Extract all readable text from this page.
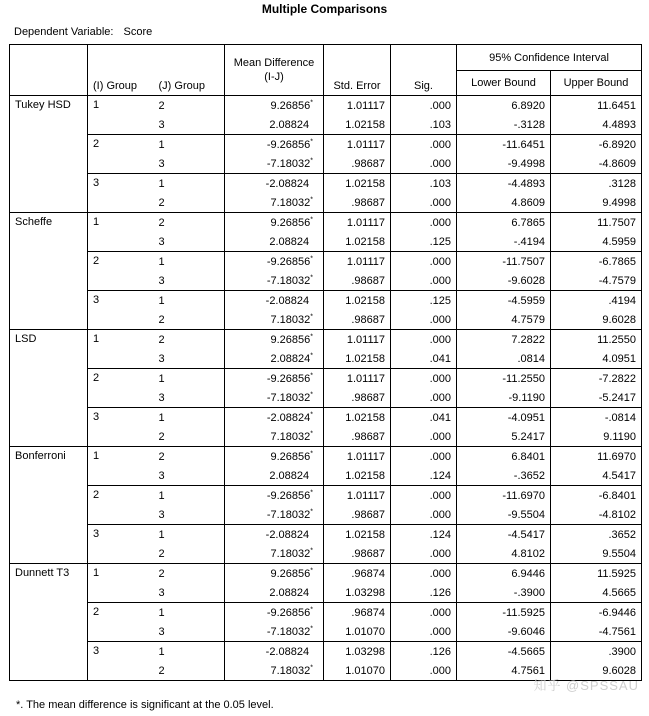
Multiple Comparisons
Dependent Variable: Score
	(I) Group	(J) Group	Mean Difference (I-J)	Std. Error	Sig.	95% Confidence Interval	
						Lower Bound	Upper Bound
Tukey HSD	1	2	9.26856*	1.01117	.000	6.8920	11.6451
		3	2.08824 	1.02158	.103	-.3128	4.4893
	2	1	-9.26856*	1.01117	.000	-11.6451	-6.8920
		3	-7.18032*	.98687	.000	-9.4998	-4.8609
	3	1	-2.08824 	1.02158	.103	-4.4893	.3128
		2	7.18032*	.98687	.000	4.8609	9.4998
Scheffe	1	2	9.26856*	1.01117	.000	6.7865	11.7507
		3	2.08824 	1.02158	.125	-.4194	4.5959
	2	1	-9.26856*	1.01117	.000	-11.7507	-6.7865
		3	-7.18032*	.98687	.000	-9.6028	-4.7579
	3	1	-2.08824 	1.02158	.125	-4.5959	.4194
		2	7.18032*	.98687	.000	4.7579	9.6028
LSD	1	2	9.26856*	1.01117	.000	7.2822	11.2550
		3	2.08824*	1.02158	.041	.0814	4.0951
	2	1	-9.26856*	1.01117	.000	-11.2550	-7.2822
		3	-7.18032*	.98687	.000	-9.1190	-5.2417
	3	1	-2.08824*	1.02158	.041	-4.0951	-.0814
		2	7.18032*	.98687	.000	5.2417	9.1190
Bonferroni	1	2	9.26856*	1.01117	.000	6.8401	11.6970
		3	2.08824 	1.02158	.124	-.3652	4.5417
	2	1	-9.26856*	1.01117	.000	-11.6970	-6.8401
		3	-7.18032*	.98687	.000	-9.5504	-4.8102
	3	1	-2.08824 	1.02158	.124	-4.5417	.3652
		2	7.18032*	.98687	.000	4.8102	9.5504
Dunnett T3	1	2	9.26856*	.96874	.000	6.9446	11.5925
		3	2.08824 	1.03298	.126	-.3900	4.5665
	2	1	-9.26856*	.96874	.000	-11.5925	-6.9446
		3	-7.18032*	1.01070	.000	-9.6046	-4.7561
	3	1	-2.08824 	1.03298	.126	-4.5665	.3900
		2	7.18032*	1.01070	.000	4.7561	9.6028
*. The mean difference is significant at the 0.05 level.
知乎 @SPSSAU
